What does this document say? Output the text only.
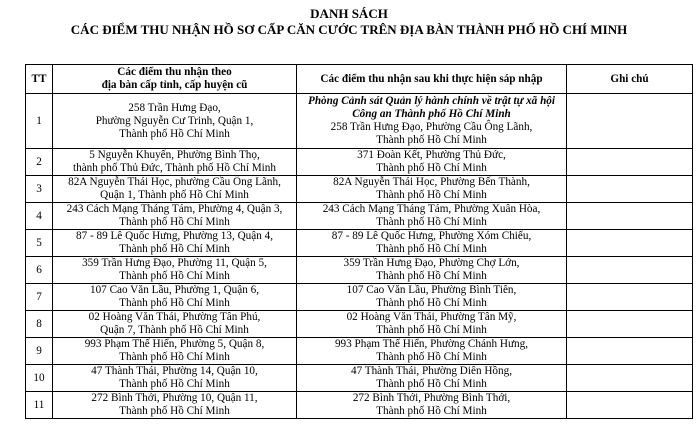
DANH SÁCH
CÁC ĐIỂM THU NHẬN HỒ SƠ CẤP CĂN CƯỚC TRÊN ĐỊA BÀN THÀNH PHỐ HỒ CHÍ MINH
TT	Các điểm thu nhận theo
địa bàn cấp tỉnh, cấp huyện cũ	Các điểm thu nhận sau khi thực hiện sáp nhập	Ghi chú
1	258 Trần Hưng Đạo,
Phường Nguyễn Cư Trinh, Quận 1,
Thành phố Hồ Chí Minh	Phòng Cảnh sát Quản lý hành chính về trật tự xã hội
Công an Thành phố Hồ Chí Minh
258 Trần Hưng Đạo, Phường Cầu Ông Lãnh,
Thành phố Hồ Chí Minh	

2	5 Nguyễn Khuyến, Phường Bình Thọ,
thành phố Thủ Đức, Thành phố Hồ Chí Minh	371 Đoàn Kết, Phường Thủ Đức,
Thành phố Hồ Chí Minh	

3	82A Nguyễn Thái Học, phường Cầu Ông Lãnh,
Quận 1, Thành phố Hồ Chí Minh	82A Nguyễn Thái Học, Phường Bến Thành,
Thành phố Hồ Chí Minh	

4	243 Cách Mạng Tháng Tám, Phường 4, Quận 3,
Thành phố Hồ Chí Minh	243 Cách Mạng Tháng Tám, Phường Xuân Hòa,
Thành phố Hồ Chí Minh	

5	87 - 89 Lê Quốc Hưng, Phường 13, Quận 4,
Thành phố Hồ Chí Minh	87 - 89 Lê Quốc Hưng, Phường Xóm Chiếu,
Thành phố Hồ Chí Minh	

6	359 Trần Hưng Đạo, Phường 11, Quận 5,
Thành phố Hồ Chí Minh	359 Trần Hưng Đạo, Phường Chợ Lớn,
Thành phố Hồ Chí Minh	

7	107 Cao Văn Lầu, Phường 1, Quận 6,
Thành phố Hồ Chí Minh	107 Cao Văn Lầu, Phường Bình Tiên,
Thành phố Hồ Chí Minh	

8	02 Hoàng Văn Thái, Phường Tân Phú,
Quận 7, Thành phố Hồ Chí Minh	02 Hoàng Văn Thái, Phường Tân Mỹ,
Thành phố Hồ Chí Minh	

9	993 Phạm Thế Hiển, Phường 5, Quận 8,
Thành phố Hồ Chí Minh	993 Phạm Thế Hiển, Phường Chánh Hưng,
Thành phố Hồ Chí Minh	

10	47 Thành Thái, Phường 14, Quận 10,
Thành phố Hồ Chí Minh	47 Thành Thái, Phường Diên Hồng,
Thành phố Hồ Chí Minh	

11	272 Bình Thới, Phường 10, Quận 11,
Thành phố Hồ Chí Minh	272 Bình Thới, Phường Bình Thới,
Thành phố Hồ Chí Minh	
